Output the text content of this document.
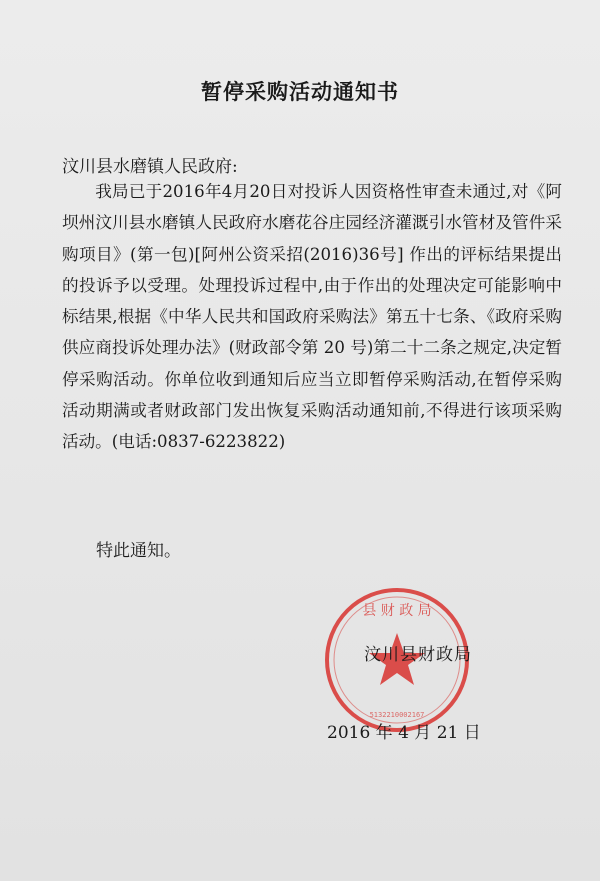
暂停采购活动通知书
汶川县水磨镇人民政府:

我局已于2016年4月20日对投诉人因资格性审查未通过,对《阿坝州汶川县水磨镇人民政府水磨花谷庄园经济灌溉引水管材及管件采购项目》(第一包)[阿州公资采招(2016)36号] 作出的评标结果提出的投诉予以受理。处理投诉过程中,由于作出的处理决定可能影响中标结果,根据《中华人民共和国政府采购法》第五十七条、《政府采购供应商投诉处理办法》(财政部令第 20 号)第二十二条之规定,决定暂停采购活动。你单位收到通知后应当立即暂停采购活动,在暂停采购活动期满或者财政部门发出恢复采购活动通知前,不得进行该项采购活动。(电话:0837-6223822)

特此通知。
县 财 政 局
5132210002167
汶川县财政局
2016 年 4 月 21 日
